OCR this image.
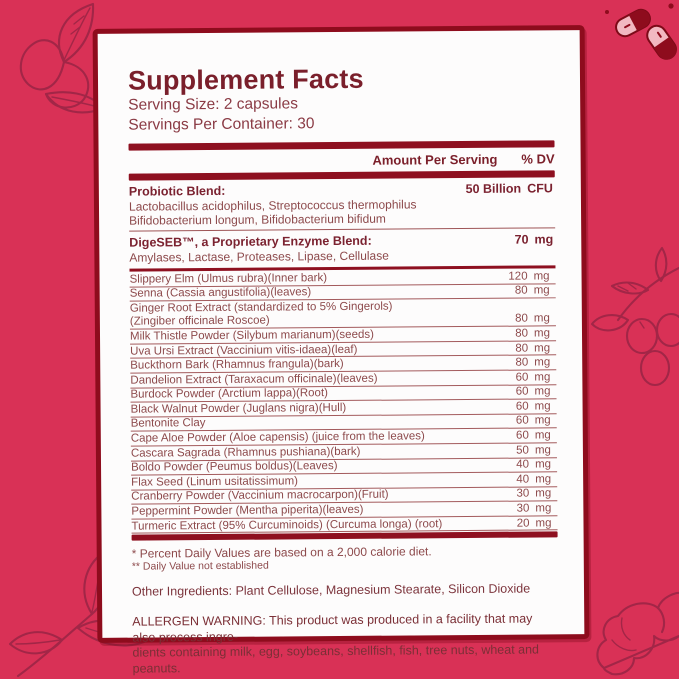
Supplement Facts
Serving Size: 2 capsules
Servings Per Container: 30
Amount Per Serving % DV
Probiotic Blend:	50 Billion CFU
Lactobacillus acidophilus, Streptococcus thermophilus
Bifidobacterium longum, Bifidobacterium bifidum
DigeSEB™, a Proprietary Enzyme Blend:	70 mg
Amylases, Lactase, Proteases, Lipase, Cellulase
Slippery Elm (Ulmus rubra)(Inner bark)	120 mg
Senna (Cassia angustifolia)(leaves)	80 mg
Ginger Root Extract (standardized to 5% Gingerols)
(Zingiber officinale Roscoe)	80 mg
Milk Thistle Powder (Silybum marianum)(seeds)	80 mg
Uva Ursi Extract (Vaccinium vitis-idaea)(leaf)	80 mg
Buckthorn Bark (Rhamnus frangula)(bark)	80 mg
Dandelion Extract (Taraxacum officinale)(leaves)	60 mg
Burdock Powder (Arctium lappa)(Root)	60 mg
Black Walnut Powder (Juglans nigra)(Hull)	60 mg
Bentonite Clay	60 mg
Cape Aloe Powder (Aloe capensis) (juice from the leaves)	60 mg
Cascara Sagrada (Rhamnus pushiana)(bark)	50 mg
Boldo Powder (Peumus boldus)(Leaves)	40 mg
Flax Seed (Linum usitatissimum)	40 mg
Cranberry Powder (Vaccinium macrocarpon)(Fruit)	30 mg
Peppermint Powder (Mentha piperita)(leaves)	30 mg
Turmeric Extract (95% Curcuminoids) (Curcuma longa) (root)	20 mg
* Percent Daily Values are based on a 2,000 calorie diet.
** Daily Value not established
Other Ingredients: Plant Cellulose, Magnesium Stearate, Silicon Dioxide
ALLERGEN WARNING: This product was produced in a facility that may also process ingre-
dients containing milk, egg, soybeans, shellfish, fish, tree nuts, wheat and peanuts.
